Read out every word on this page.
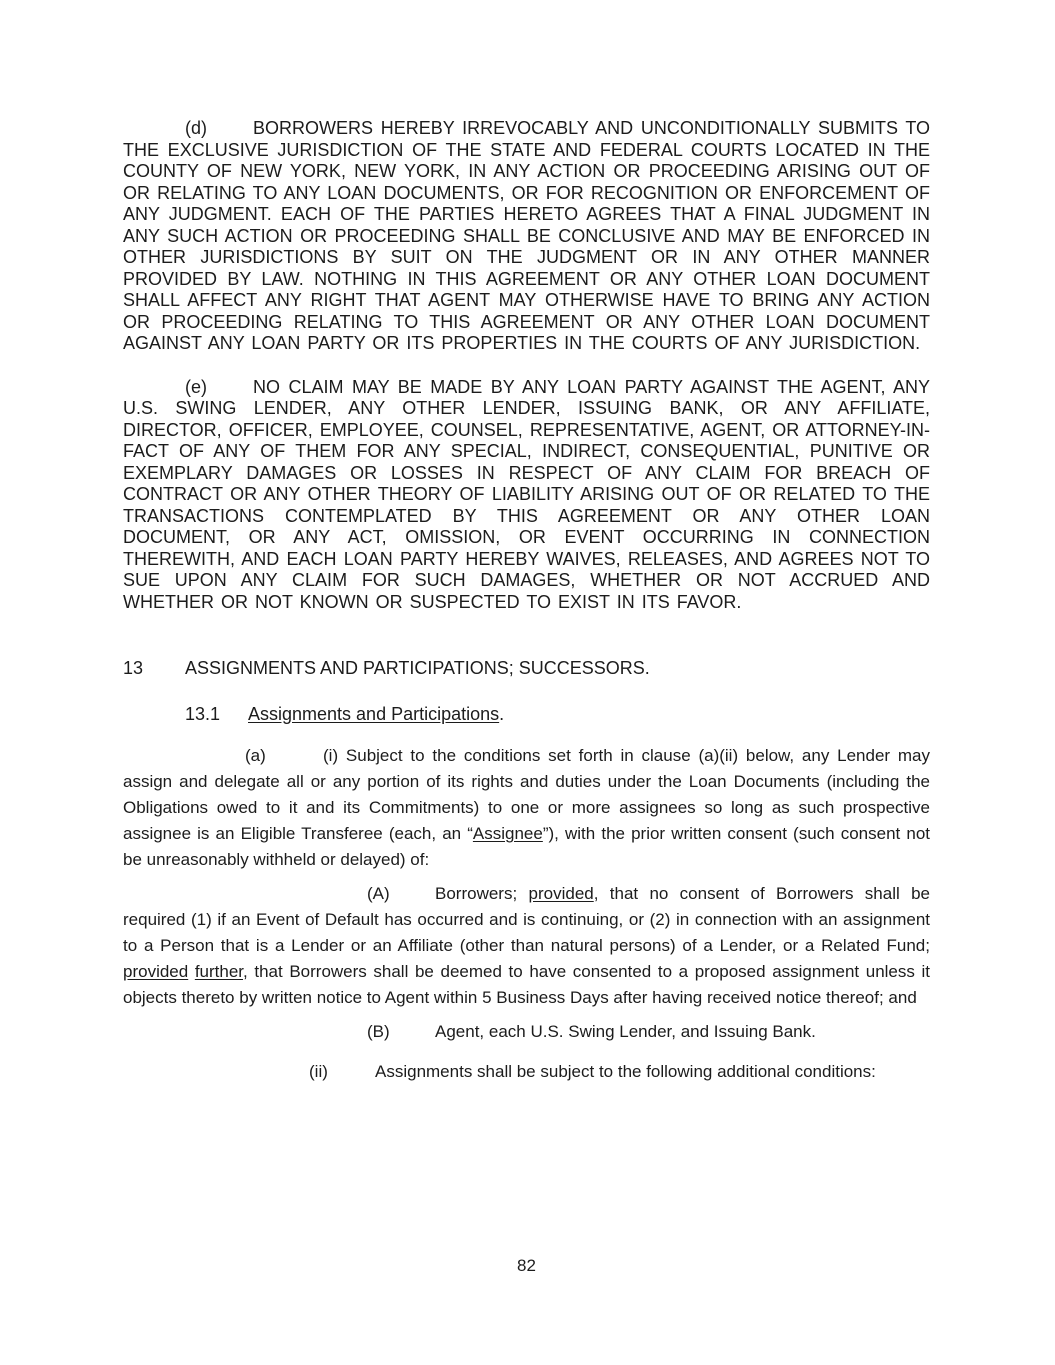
(d)	BORROWERS HEREBY IRREVOCABLY AND UNCONDITIONALLY SUBMITS TO THE EXCLUSIVE JURISDICTION OF THE STATE AND FEDERAL COURTS LOCATED IN THE COUNTY OF NEW YORK, NEW YORK, IN ANY ACTION OR PROCEEDING ARISING OUT OF OR RELATING TO ANY LOAN DOCUMENTS, OR FOR RECOGNITION OR ENFORCEMENT OF ANY JUDGMENT. EACH OF THE PARTIES HERETO AGREES THAT A FINAL JUDGMENT IN ANY SUCH ACTION OR PROCEEDING SHALL BE CONCLUSIVE AND MAY BE ENFORCED IN OTHER JURISDICTIONS BY SUIT ON THE JUDGMENT OR IN ANY OTHER MANNER PROVIDED BY LAW. NOTHING IN THIS AGREEMENT OR ANY OTHER LOAN DOCUMENT SHALL AFFECT ANY RIGHT THAT AGENT MAY OTHERWISE HAVE TO BRING ANY ACTION OR PROCEEDING RELATING TO THIS AGREEMENT OR ANY OTHER LOAN DOCUMENT AGAINST ANY LOAN PARTY OR ITS PROPERTIES IN THE COURTS OF ANY JURISDICTION.

(e)	NO CLAIM MAY BE MADE BY ANY LOAN PARTY AGAINST THE AGENT, ANY U.S. SWING LENDER, ANY OTHER LENDER, ISSUING BANK, OR ANY AFFILIATE, DIRECTOR, OFFICER, EMPLOYEE, COUNSEL, REPRESENTATIVE, AGENT, OR ATTORNEY-IN-FACT OF ANY OF THEM FOR ANY SPECIAL, INDIRECT, CONSEQUENTIAL, PUNITIVE OR EXEMPLARY DAMAGES OR LOSSES IN RESPECT OF ANY CLAIM FOR BREACH OF CONTRACT OR ANY OTHER THEORY OF LIABILITY ARISING OUT OF OR RELATED TO THE TRANSACTIONS CONTEMPLATED BY THIS AGREEMENT OR ANY OTHER LOAN DOCUMENT, OR ANY ACT, OMISSION, OR EVENT OCCURRING IN CONNECTION THEREWITH, AND EACH LOAN PARTY HEREBY WAIVES, RELEASES, AND AGREES NOT TO SUE UPON ANY CLAIM FOR SUCH DAMAGES, WHETHER OR NOT ACCRUED AND WHETHER OR NOT KNOWN OR SUSPECTED TO EXIST IN ITS FAVOR.

13 ASSIGNMENTS AND PARTICIPATIONS; SUCCESSORS.

13.1 Assignments and Participations.

(a)	(i) Subject to the conditions set forth in clause (a)(ii) below, any Lender may assign and delegate all or any portion of its rights and duties under the Loan Documents (including the Obligations owed to it and its Commitments) to one or more assignees so long as such prospective assignee is an Eligible Transferee (each, an “Assignee”), with the prior written consent (such consent not be unreasonably withheld or delayed) of:

(A)	Borrowers; provided, that no consent of Borrowers shall be required (1) if an Event of Default has occurred and is continuing, or (2) in connection with an assignment to a Person that is a Lender or an Affiliate (other than natural persons) of a Lender, or a Related Fund; provided further, that Borrowers shall be deemed to have consented to a proposed assignment unless it objects thereto by written notice to Agent within 5 Business Days after having received notice thereof; and

(B)	Agent, each U.S. Swing Lender, and Issuing Bank.

(ii)	Assignments shall be subject to the following additional conditions:

82
